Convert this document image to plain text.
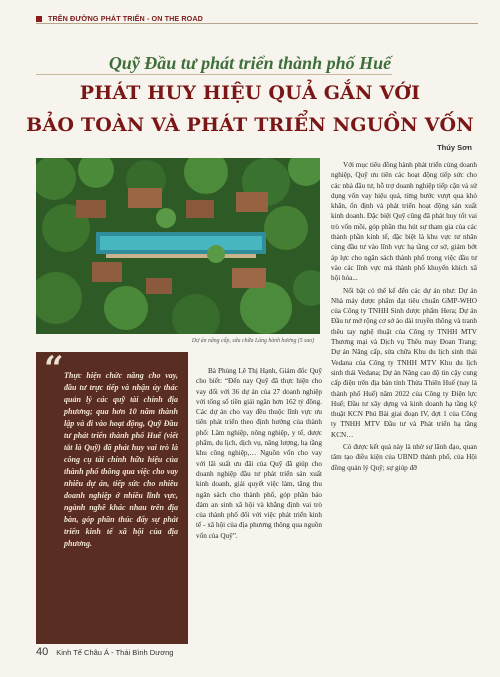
TRÊN ĐƯỜNG PHÁT TRIỂN - ON THE ROAD
Quỹ Đầu tư phát triển thành phố Huế
PHÁT HUY HIỆU QUẢ GẮN VỚI
BẢO TOÀN VÀ PHÁT TRIỂN NGUỒN VỐN
Thúy Sơn
Dự án nâng cấp, sửa chữa Làng hành hương (5 sao)
“ Thực hiện chức năng cho vay, đầu tư trực tiếp và nhận ủy thác quản lý các quỹ tài chính địa phương; qua hơn 10 năm thành lập và đi vào hoạt động, Quỹ Đầu tư phát triển thành phố Huế (viết tắt là Quỹ) đã phát huy vai trò là công cụ tài chính hữu hiệu của thành phố thông qua việc cho vay nhiều dự án, tiếp sức cho nhiều doanh nghiệp ở nhiều lĩnh vực, ngành nghề khác nhau trên địa bàn, góp phần thúc đẩy sự phát triển kinh tế xã hội của địa phương.
Bà Phùng Lê Thị Hạnh, Giám đốc Quỹ cho biết: “Đến nay Quỹ đã thực hiện cho vay đối với 36 dự án của 27 doanh nghiệp với tổng số tiền giải ngân hơn 162 tỷ đồng. Các dự án cho vay đều thuộc lĩnh vực ưu tiên phát triển theo định hướng của thành phố: Lâm nghiệp, nông nghiệp, y tế, dược phẩm, du lịch, dịch vụ, năng lượng, hạ tầng khu công nghiệp,… Nguồn vốn cho vay với lãi suất ưu đãi của Quỹ đã giúp cho doanh nghiệp đầu tư phát triển sản xuất kinh doanh, giải quyết việc làm, tăng thu ngân sách cho thành phố, góp phần bảo đảm an sinh xã hội và khẳng định vai trò của thành phố đối với việc phát triển kinh tế - xã hội của địa phương thông qua nguồn vốn của Quỹ”.

Với mục tiêu đồng hành phát triển cùng doanh nghiệp, Quỹ ưu tiên các hoạt động tiếp sức cho các nhà đầu tư, hỗ trợ doanh nghiệp tiếp cận và sử dụng vốn vay hiệu quả, từng bước vượt qua khó khăn, ổn định và phát triển hoạt động sản xuất kinh doanh. Đặc biệt Quỹ cũng đã phát huy tốt vai trò vốn mồi, góp phần thu hút sự tham gia của các thành phần kinh tế, đặc biệt là khu vực tư nhân cùng đầu tư vào lĩnh vực hạ tầng cơ sở, giảm bớt áp lực cho ngân sách thành phố trong việc đầu tư vào các lĩnh vực mà thành phố khuyến khích xã hội hóa...

Nổi bật có thể kể đến các dự án như: Dự án Nhà máy dược phẩm đạt tiêu chuẩn GMP-WHO của Công ty TNHH Sinh dược phẩm Hera; Dự án Đầu tư mở rộng cơ sở ảo dài truyền thông và tranh thêu tay nghệ thuật của Công ty TNHH MTV Thương mại và Dịch vụ Thêu may Đoan Trang; Dự án Nâng cấp, sửa chữa Khu du lịch sinh thái Vedana của Công ty TNHH MTV Khu du lịch sinh thái Vedana; Dự án Nâng cao độ tin cậy cung cấp điện trên địa bàn tỉnh Thừa Thiên Huế (nay là thành phố Huế) năm 2022 của Công ty Điện lực Huế; Đầu tư xây dựng và kinh doanh hạ tầng kỹ thuật KCN Phú Bài giai đoạn IV, đợt 1 của Công ty TNHH MTV Đầu tư và Phát triển hạ tầng KCN…

Có được kết quả này là nhờ sự lãnh đạo, quan tâm tạo điều kiện của UBND thành phố, của Hội đồng quản lý Quỹ; sự giúp đỡ

40 Kinh Tế Châu Á - Thái Bình Dương
